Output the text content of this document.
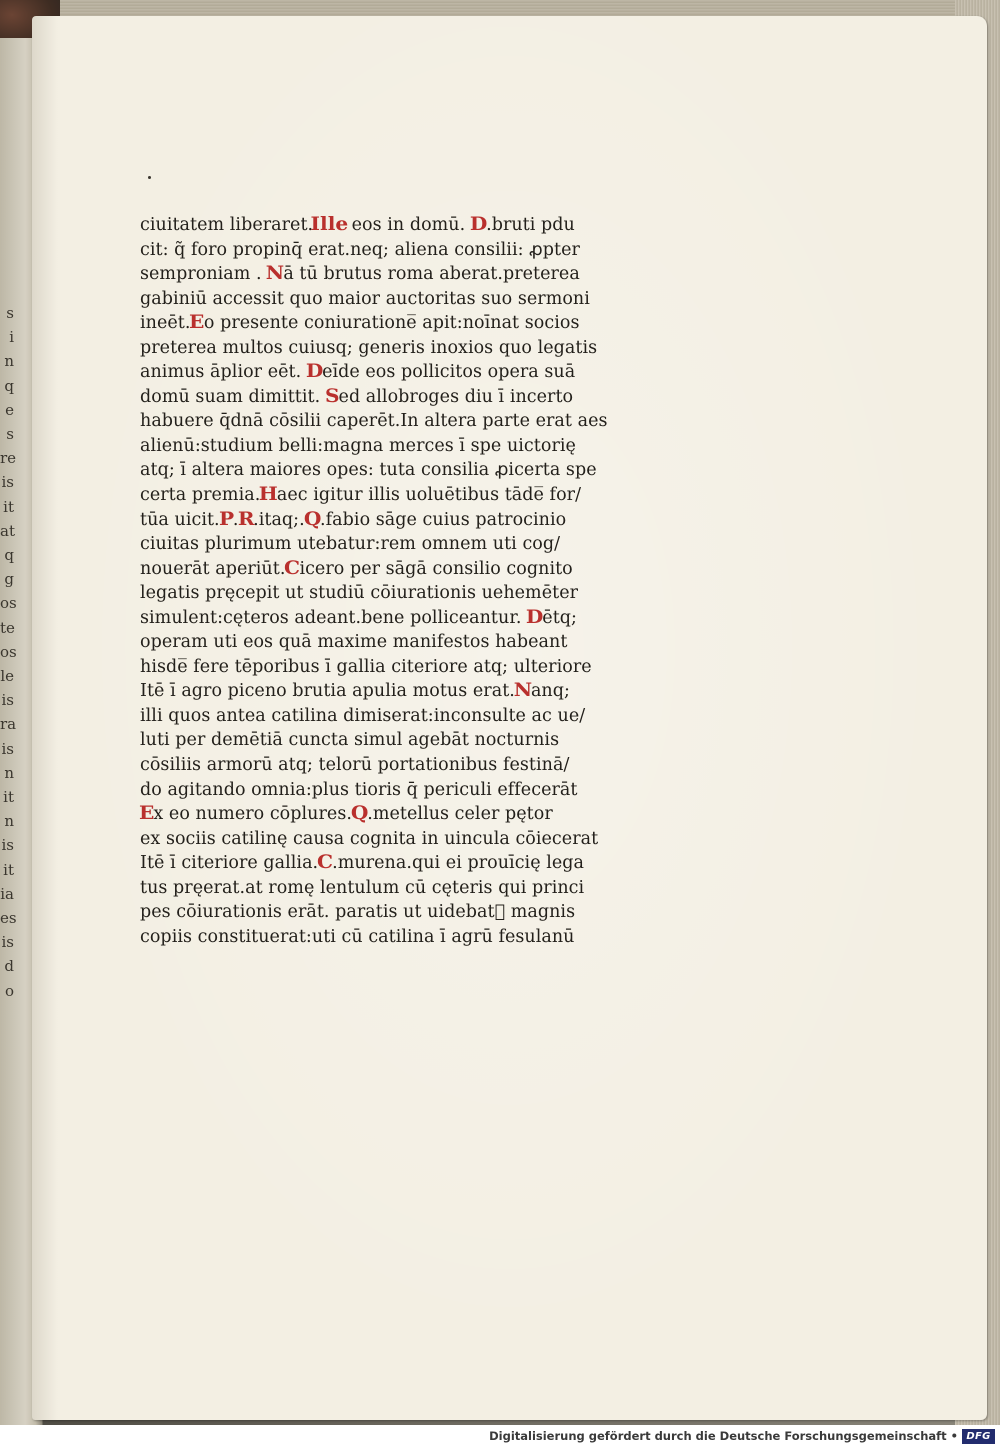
s
i
n
q
e
s
re
is
it
at
q
g
os
te
os
le
is
ra
is
n
it
n
is
it
ia
es
is
d
o
ciuitatem liberaret.Ille eos in domū. D.bruti pdu
cit: q̃ foro propinq̄ erat.neq; aliena consilii: ꝓpter
semproniam . Nā tū brutus roma aberat.preterea
gabiniū accessit quo maior auctoritas suo sermoni
ineēt.Eo presente coniuratione̅ apit:noīnat socios
preterea multos cuiusq; generis inoxios quo legatis
animus āplior eēt. Deīde eos pollicitos opera suā
domū suam dimittit. Sed allobroges diu ī incerto
habuere q̄dnā cōsilii caperēt.In altera parte erat aes
alienū:studium belli:magna merces ī spe uictorię
atq; ī altera maiores opes: tuta consilia ꝓicerta spe
certa premia.Haec igitur illis uoluētibus tāde̅ for/
tūa uicit.P.R.itaq;.Q.fabio sāge cuius patrocinio
ciuitas plurimum utebatur:rem omnem uti cog/
nouerāt aperiūt.Cicero per sāgā consilio cognito
legatis pręcepit ut studiū cōiurationis uehemēter
simulent:cęteros adeant.bene polliceantur. Dētq;
operam uti eos quā maxime manifestos habeant
hisde̅ fere tēporibus ī gallia citeriore atq; ulteriore
Itē ī agro piceno brutia apulia motus erat.Nanq;
illi quos antea catilina dimiserat:inconsulte ac ue/
luti per demētiā cuncta simul agebāt nocturnis
cōsiliis armorū atq; telorū portationibus festinā/
do agitando omnia:plus tioris q̄ periculi effecerāt
Ex eo numero cōplures.Q.metellus celer pętor
ex sociis catilinę causa cognita in uincula cōiecerat
Itē ī citeriore gallia.C.murena.qui ei prouīcię lega
tus pręerat.at romę lentulum cū cęteris qui princi
pes cōiurationis erāt. paratis ut uidebatᷣ magnis
copiis constituerat:uti cū catilina ī agrū fesulanū
Digitalisierung gefördert durch die Deutsche Forschungsgemeinschaft • DFG
